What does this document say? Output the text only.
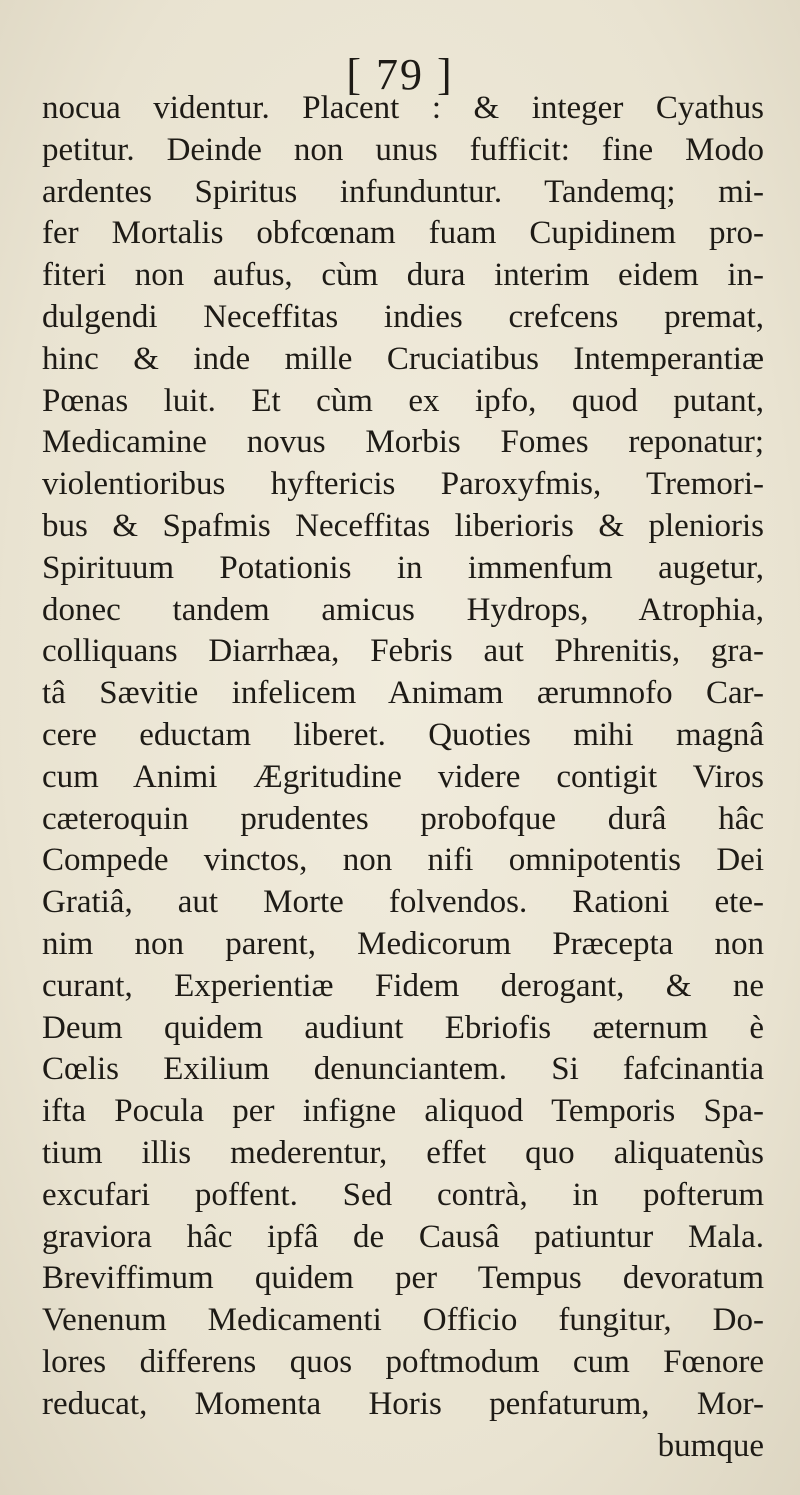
[ 79 ]
nocua videntur. Placent : & integer Cyathus
petitur. Deinde non unus fufficit: fine Modo
ardentes Spiritus infunduntur. Tandemq; mi-
fer Mortalis obfcœnam fuam Cupidinem pro-
fiteri non aufus, cùm dura interim eidem in-
dulgendi Neceffitas indies crefcens premat,
hinc & inde mille Cruciatibus Intemperantiæ
Pœnas luit. Et cùm ex ipfo, quod putant,
Medicamine novus Morbis Fomes reponatur;
violentioribus hyftericis Paroxyfmis, Tremori-
bus & Spafmis Neceffitas liberioris & plenioris
Spirituum Potationis in immenfum augetur,
donec tandem amicus Hydrops, Atrophia,
colliquans Diarrhæa, Febris aut Phrenitis, gra-
tâ Sævitie infelicem Animam ærumnofo Car-
cere eductam liberet. Quoties mihi magnâ
cum Animi Ægritudine videre contigit Viros
cæteroquin prudentes probofque durâ hâc
Compede vinctos, non nifi omnipotentis Dei
Gratiâ, aut Morte folvendos. Rationi ete-
nim non parent, Medicorum Præcepta non
curant, Experientiæ Fidem derogant, & ne
Deum quidem audiunt Ebriofis æternum è
Cœlis Exilium denunciantem. Si fafcinantia
ifta Pocula per infigne aliquod Temporis Spa-
tium illis mederentur, effet quo aliquatenùs
excufari poffent. Sed contrà, in pofterum
graviora hâc ipfâ de Causâ patiuntur Mala.
Breviffimum quidem per Tempus devoratum
Venenum Medicamenti Officio fungitur, Do-
lores differens quos poftmodum cum Fœnore
reducat, Momenta Horis penfaturum, Mor-
bumque
